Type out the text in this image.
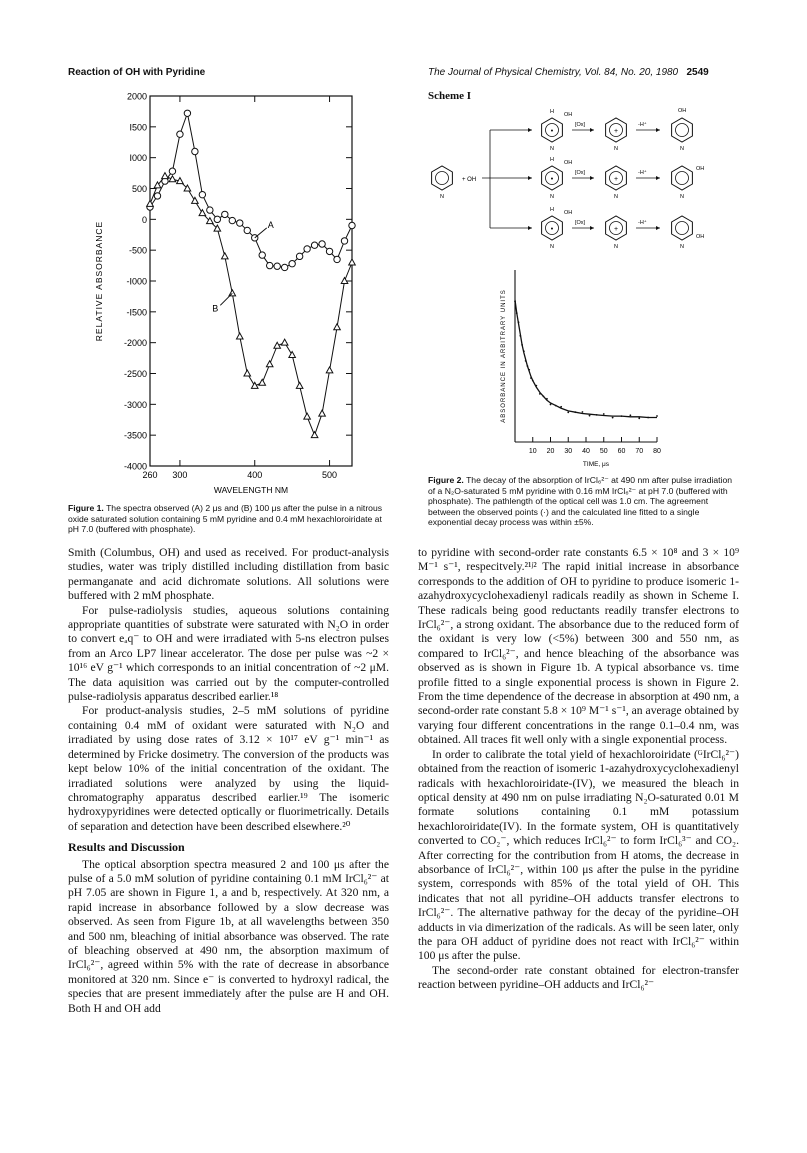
Reaction of OH with Pyridine	The Journal of Physical Chemistry, Vol. 84, No. 20, 1980 2549
2000
I500
I000
500
0
-500
-I000
-I500
-2000
-2500
-3000
-3500
-4000
260 300	400	500
WAVELENGTH NM
RELATIVE ABSORBANCE	A
B
Figure 1. The spectra observed (A) 2 μs and (B) 100 μs after the pulse in a nitrous oxide saturated solution containing 5 mM pyridine and 0.4 mM hexachloroiridate at pH 7.0 (buffered with phosphate).
Scheme I
N
+ OH
•
N
H OH
[Ox]
N
+
-H⁺
N
OH
•
N
H OH
[Ox]
N
+
-H⁺
N
OH
•
N
H OH
[Ox]
N
+
-H⁺
N
OH
10 20 30 40 50 60 70 80
TIME, μs
ABSORBANCE IN ARBITRARY UNITS
Figure 2. The decay of the absorption of IrCl₆²⁻ at 490 nm after pulse irradiation of a N₂O-saturated 5 mM pyridine with 0.16 mM IrCl₆²⁻ at pH 7.0 (buffered with phosphate). The pathlength of the optical cell was 1.0 cm. The agreement between the observed points (·) and the calculated line fitted to a single exponential decay process was within ±5%.

Smith (Columbus, OH) and used as received. For product-analysis studies, water was triply distilled including distillation from basic permanganate and acid dichromate solutions. All solutions were buffered with 2 mM phosphate.

For pulse-radiolysis studies, aqueous solutions containing appropriate quantities of substrate were saturated with N₂O in order to convert eₐq⁻ to OH and were irradiated with 5-ns electron pulses from an Arco LP7 linear accelerator. The dose per pulse was ~2 × 10¹⁶ eV g⁻¹ which corresponds to an initial concentration of ~2 μM. The data aquisition was carried out by the computer-controlled pulse-radiolysis apparatus described earlier.¹⁸

For product-analysis studies, 2–5 mM solutions of pyridine containing 0.4 mM of oxidant were saturated with N₂O and irradiated by using dose rates of 3.12 × 10¹⁷ eV g⁻¹ min⁻¹ as determined by Fricke dosimetry. The conversion of the products was kept below 10% of the initial concentration of the oxidant. The irradiated solutions were analyzed by using the liquid-chromatography apparatus described earlier.¹⁹ The isomeric hydroxypyridines were detected optically or fluorimetrically. Details of separation and detection have been described elsewhere.²⁰

Results and Discussion

The optical absorption spectra measured 2 and 100 μs after the pulse of a 5.0 mM solution of pyridine containing 0.1 mM IrCl₆²⁻ at pH 7.05 are shown in Figure 1, a and b, respectively. At 320 nm, a rapid increase in absorbance followed by a slow decrease was observed. As seen from Figure 1b, at all wavelengths between 350 and 500 nm, bleaching of initial absorbance was observed. The rate of bleaching observed at 490 nm, the absorption maximum of IrCl₆²⁻, agreed within 5% with the rate of decrease in absorbance monitored at 320 nm. Since e⁻ is converted to hydroxyl radical, the species that are present immediately after the pulse are H and OH. Both H and OH add

to pyridine with second-order rate constants 6.5 × 10⁸ and 3 × 10⁹ M⁻¹ s⁻¹, respecitvely.²¹ʲ² The rapid initial increase in absorbance corresponds to the addition of OH to pyridine to produce isomeric 1-azahydroxycyclohexadienyl radicals readily as shown in Scheme I. These radicals being good reductants readily transfer electrons to IrCl₆²⁻, a strong oxidant. The absorbance due to the reduced form of the oxidant is very low (<5%) between 300 and 550 nm, as compared to IrCl₆²⁻, and hence bleaching of the absorbance was observed as is shown in Figure 1b. A typical absorbance vs. time profile fitted to a single exponential process is shown in Figure 2. From the time dependence of the decrease in absorption at 490 nm, a second-order rate constant 5.8 × 10⁹ M⁻¹ s⁻¹, an average obtained by varying four different concentrations in the range 0.1–0.4 nm, was obtained. All traces fit well only with a single exponential process.

In order to calibrate the total yield of hexachloroiridate (ᴳIrCl₆²⁻) obtained from the reaction of isomeric 1-azahydroxycyclohexadienyl radicals with hexachloroiridate-(IV), we measured the bleach in optical density at 490 nm on pulse irradiating N₂O-saturated 0.01 M formate solutions containing 0.1 mM potassium hexachloroiridate(IV). In the formate system, OH is quantitatively converted to CO₂⁻, which reduces IrCl₆²⁻ to form IrCl₆³⁻ and CO₂. After correcting for the contribution from H atoms, the decrease in absorbance of IrCl₆²⁻, within 100 μs after the pulse in the pyridine system, corresponds with 85% of the total yield of OH. This indicates that not all pyridine–OH adducts transfer electrons to IrCl₆²⁻. The alternative pathway for the decay of the pyridine–OH adducts in via dimerization of the radicals. As will be seen later, only the para OH adduct of pyridine does not react with IrCl₆²⁻ within 100 μs after the pulse.

The second-order rate constant obtained for electron-transfer reaction between pyridine–OH adducts and IrCl₆²⁻
